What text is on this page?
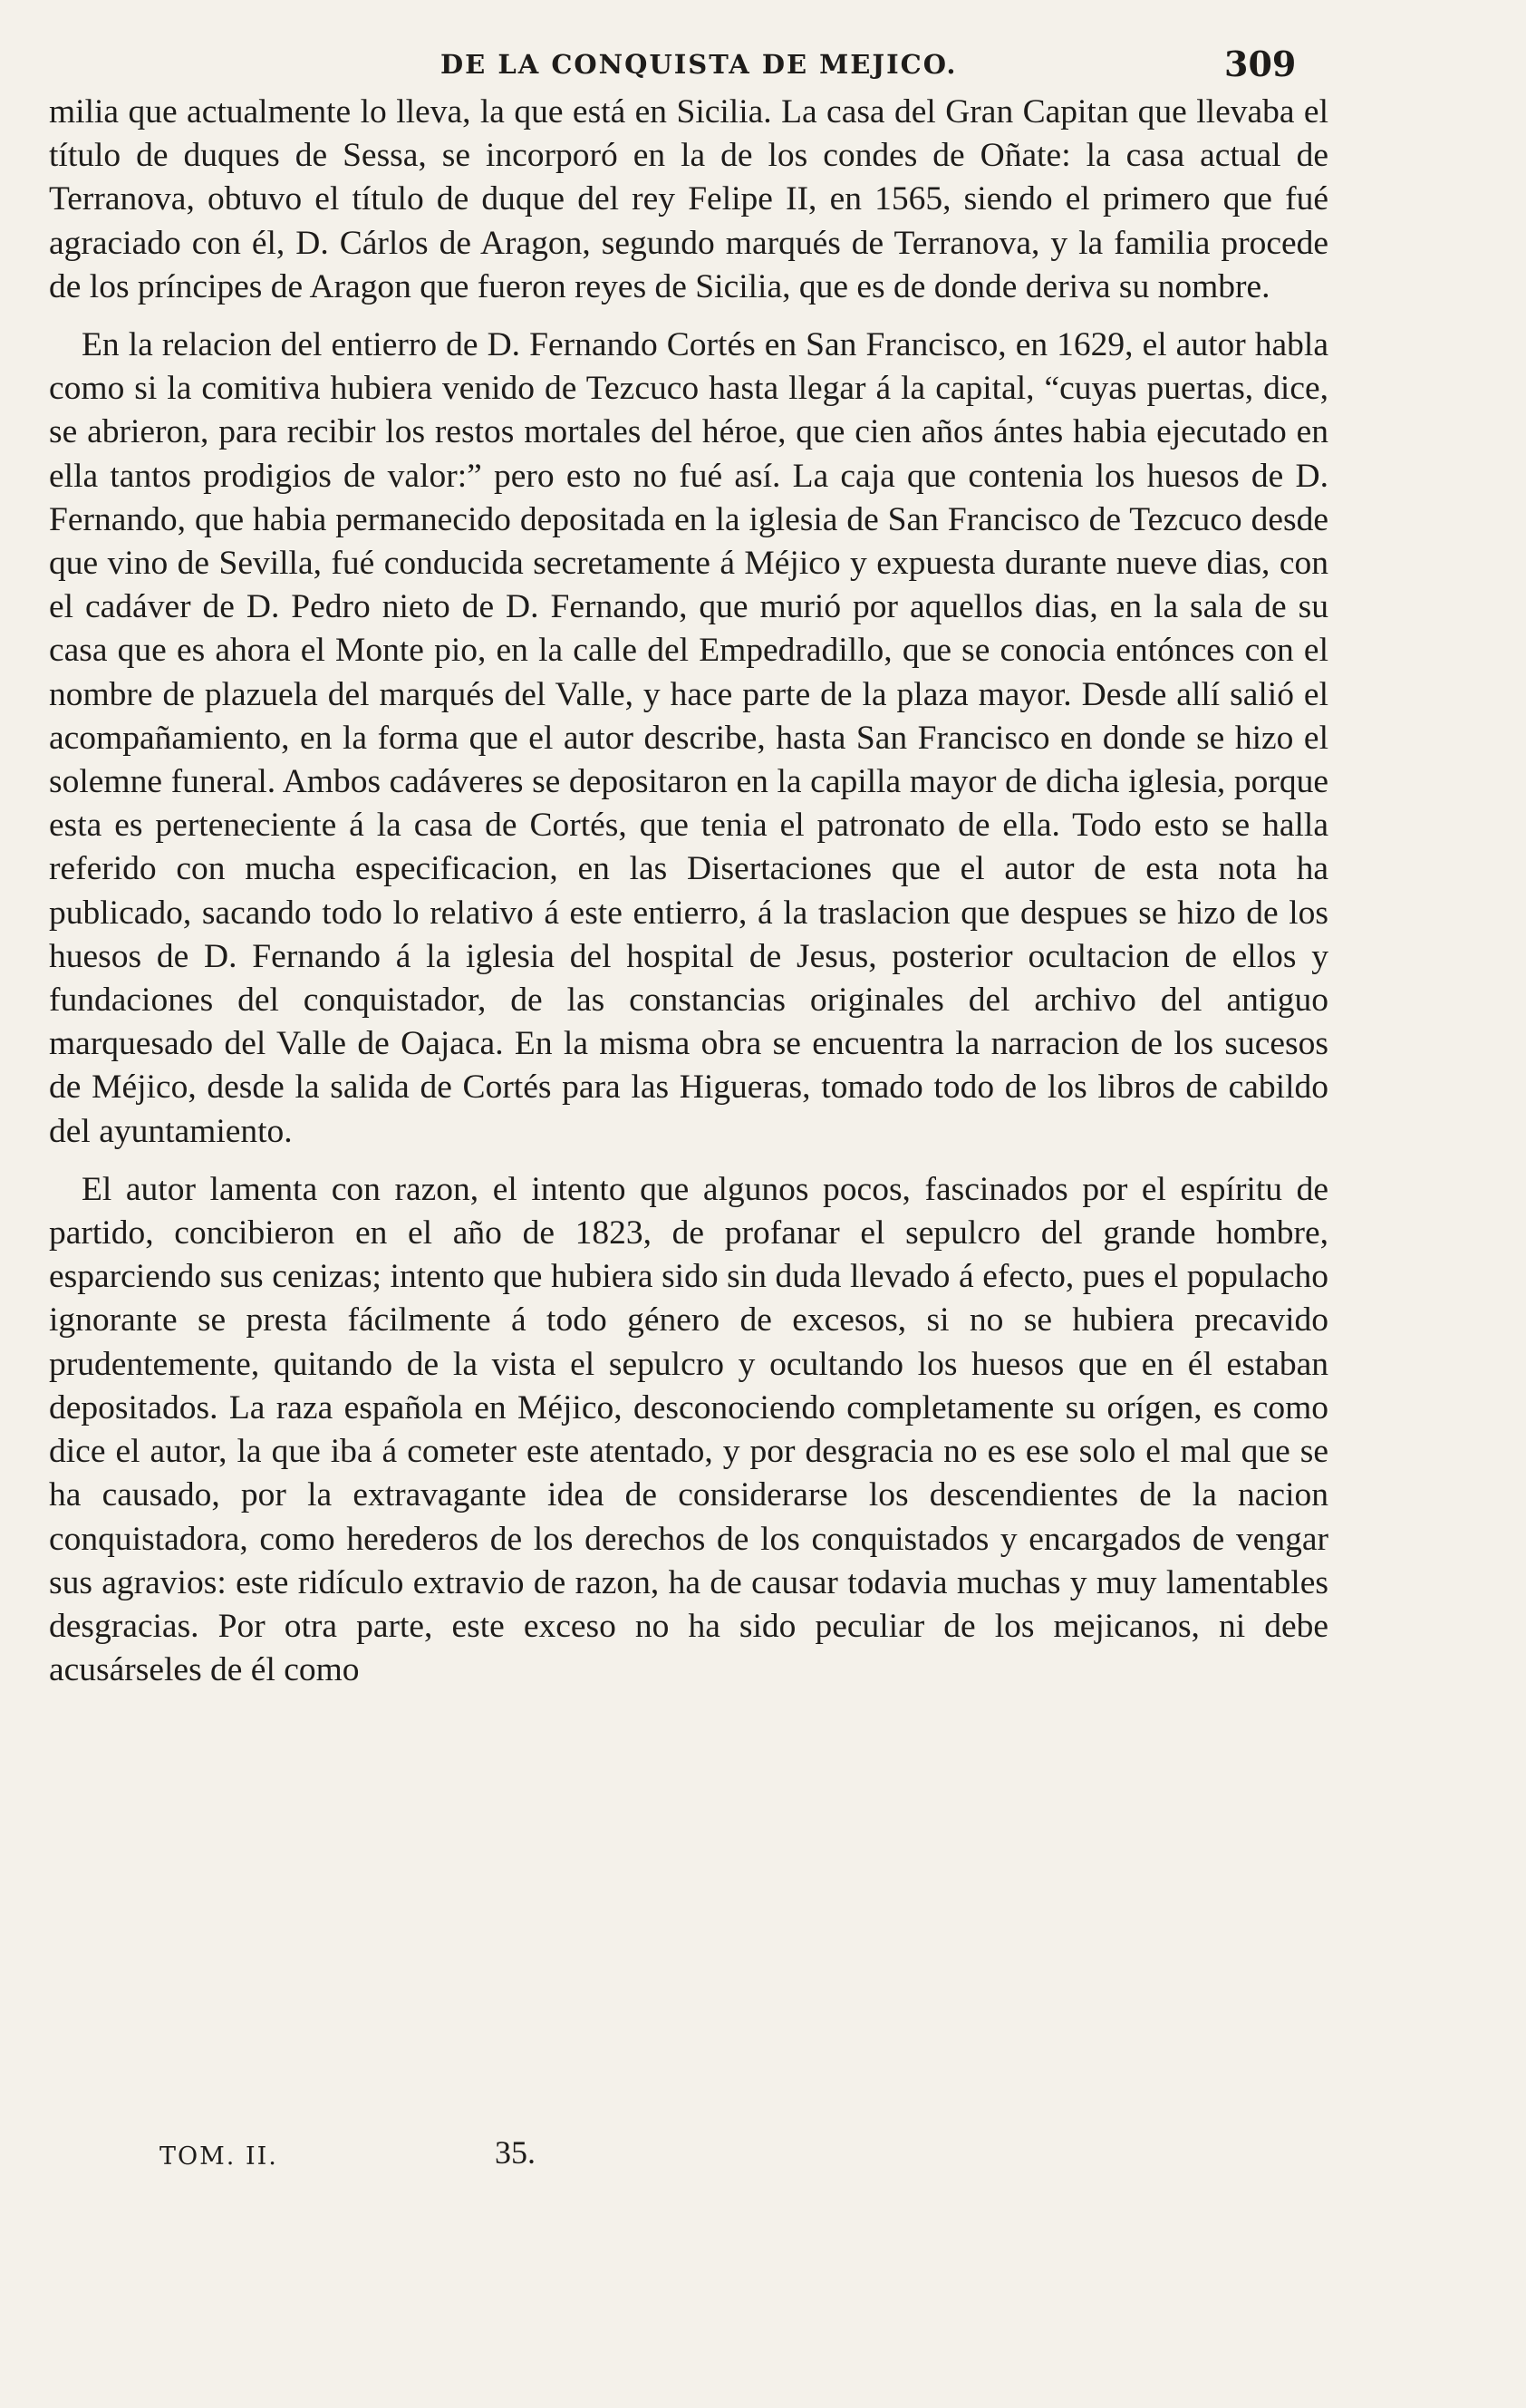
DE LA CONQUISTA DE MEJICO.	309

milia que actualmente lo lleva, la que está en Sicilia. La casa del Gran Capitan que llevaba el título de duques de Sessa, se incorporó en la de los condes de Oñate: la casa actual de Terranova, obtuvo el título de duque del rey Felipe II, en 1565, siendo el primero que fué agraciado con él, D. Cárlos de Aragon, segundo marqués de Terranova, y la familia procede de los príncipes de Aragon que fueron reyes de Sicilia, que es de donde deriva su nombre.

En la relacion del entierro de D. Fernando Cortés en San Francisco, en 1629, el autor habla como si la comitiva hubiera venido de Tezcuco hasta llegar á la capital, “cuyas puertas, dice, se abrieron, para recibir los restos mortales del héroe, que cien años ántes habia ejecutado en ella tantos prodigios de valor:” pero esto no fué así. La caja que contenia los huesos de D. Fernando, que habia permanecido depositada en la iglesia de San Francisco de Tezcuco desde que vino de Sevilla, fué conducida secretamente á Méjico y expuesta durante nueve dias, con el cadáver de D. Pedro nieto de D. Fernando, que murió por aquellos dias, en la sala de su casa que es ahora el Monte pio, en la calle del Empedradillo, que se conocia entónces con el nombre de plazuela del marqués del Valle, y hace parte de la plaza mayor. Desde allí salió el acompañamiento, en la forma que el autor describe, hasta San Francisco en donde se hizo el solemne funeral. Ambos cadáveres se depositaron en la capilla mayor de dicha iglesia, porque esta es perteneciente á la casa de Cortés, que tenia el patronato de ella. Todo esto se halla referido con mucha especificacion, en las Disertaciones que el autor de esta nota ha publicado, sacando todo lo relativo á este entierro, á la traslacion que despues se hizo de los huesos de D. Fernando á la iglesia del hospital de Jesus, posterior ocultacion de ellos y fundaciones del conquistador, de las constancias originales del archivo del antiguo marquesado del Valle de Oajaca. En la misma obra se encuentra la narracion de los sucesos de Méjico, desde la salida de Cortés para las Higueras, tomado todo de los libros de cabildo del ayuntamiento.

El autor lamenta con razon, el intento que algunos pocos, fascinados por el espíritu de partido, concibieron en el año de 1823, de profanar el sepulcro del grande hombre, esparciendo sus cenizas; intento que hubiera sido sin duda llevado á efecto, pues el populacho ignorante se presta fácilmente á todo género de excesos, si no se hubiera precavido prudentemente, quitando de la vista el sepulcro y ocultando los huesos que en él estaban depositados. La raza española en Méjico, desconociendo completamente su orígen, es como dice el autor, la que iba á cometer este atentado, y por desgracia no es ese solo el mal que se ha causado, por la extravagante idea de considerarse los descendientes de la nacion conquistadora, como herederos de los derechos de los conquistados y encargados de vengar sus agravios: este ridículo extravio de razon, ha de causar todavia muchas y muy lamentables desgracias. Por otra parte, este exceso no ha sido peculiar de los mejicanos, ni debe acusárseles de él como

TOM. II.	35.
